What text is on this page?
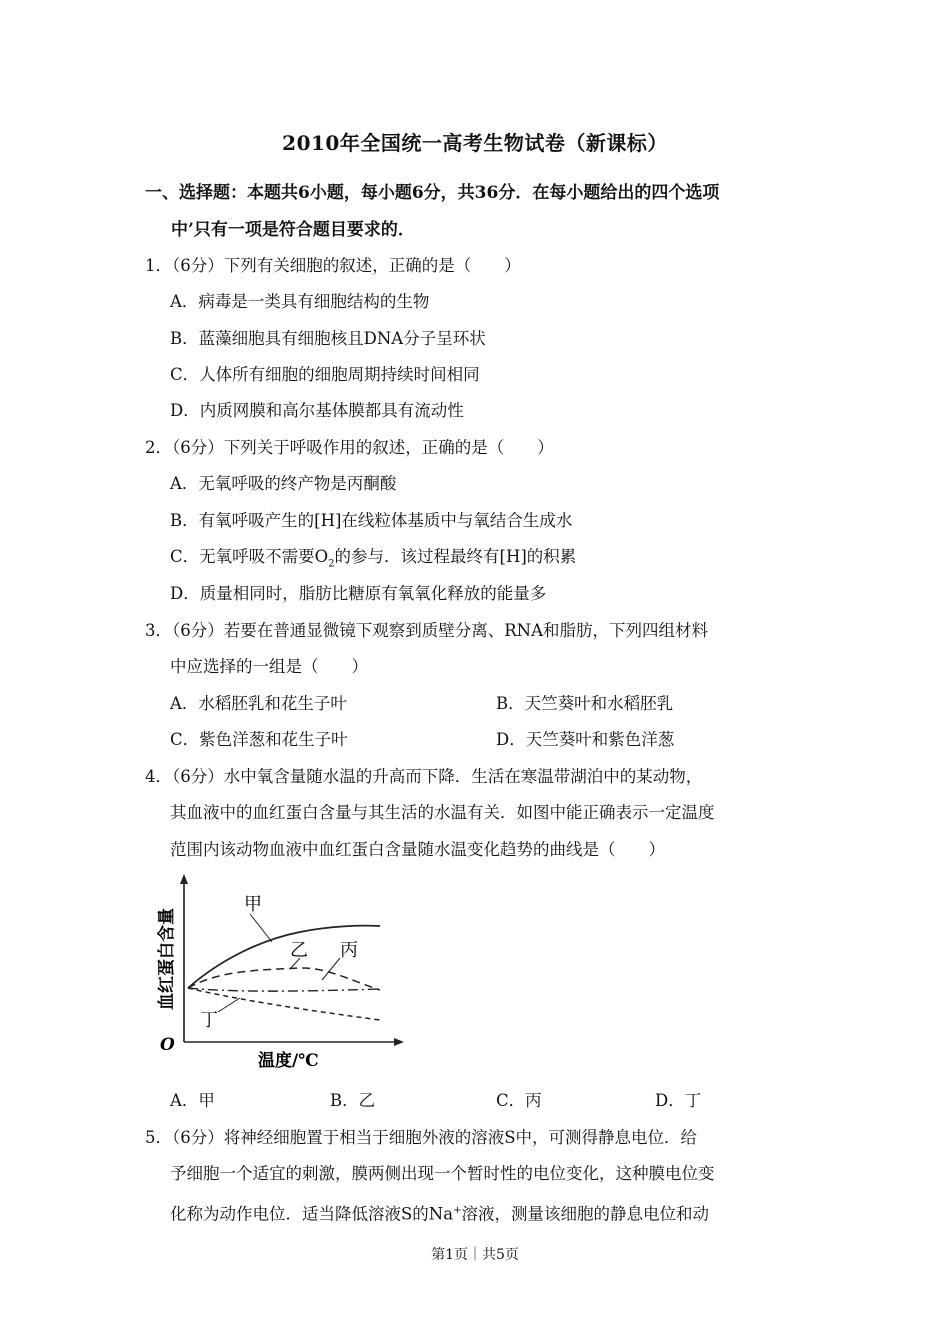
2010年全国统一高考生物试卷（新课标）
一、选择题：本题共6小题，每小题6分，共36分．在每小题给出的四个选项
中’只有一项是符合题目要求的．
1．（6分）下列有关细胞的叙述，正确的是（　　）
A．病毒是一类具有细胞结构的生物
B．蓝藻细胞具有细胞核且DNA分子呈环状
C．人体所有细胞的细胞周期持续时间相同
D．内质网膜和高尔基体膜都具有流动性
2．（6分）下列关于呼吸作用的叙述，正确的是（　　）
A．无氧呼吸的终产物是丙酮酸
B．有氧呼吸产生的[H]在线粒体基质中与氧结合生成水
C．无氧呼吸不需要$O_2$的参与．该过程最终有[H]的积累
D．质量相同时，脂肪比糖原有氧氧化释放的能量多
3．（6分）若要在普通显微镜下观察到质壁分离、RNA和脂肪，下列四组材料
中应选择的一组是（　　）
A．水稻胚乳和花生子叶	B．天竺葵叶和水稻胚乳
C．紫色洋葱和花生子叶	D．天竺葵叶和紫色洋葱
4．（6分）水中氧含量随水温的升高而下降．生活在寒温带湖泊中的某动物，
其血液中的血红蛋白含量与其生活的水温有关．如图中能正确表示一定温度
范围内该动物血液中血红蛋白含量随水温变化趋势的曲线是（　　）
甲
乙 丙
丁
O
温度/℃
血红蛋白含量
A．甲	B．乙	C．丙	D．丁
5．（6分）将神经细胞置于相当于细胞外液的溶液S中，可测得静息电位．给
予细胞一个适宜的刺激，膜两侧出现一个暂时性的电位变化，这种膜电位变
化称为动作电位．适当降低溶液S的Na+溶液，测量该细胞的静息电位和动
第1页｜共5页
